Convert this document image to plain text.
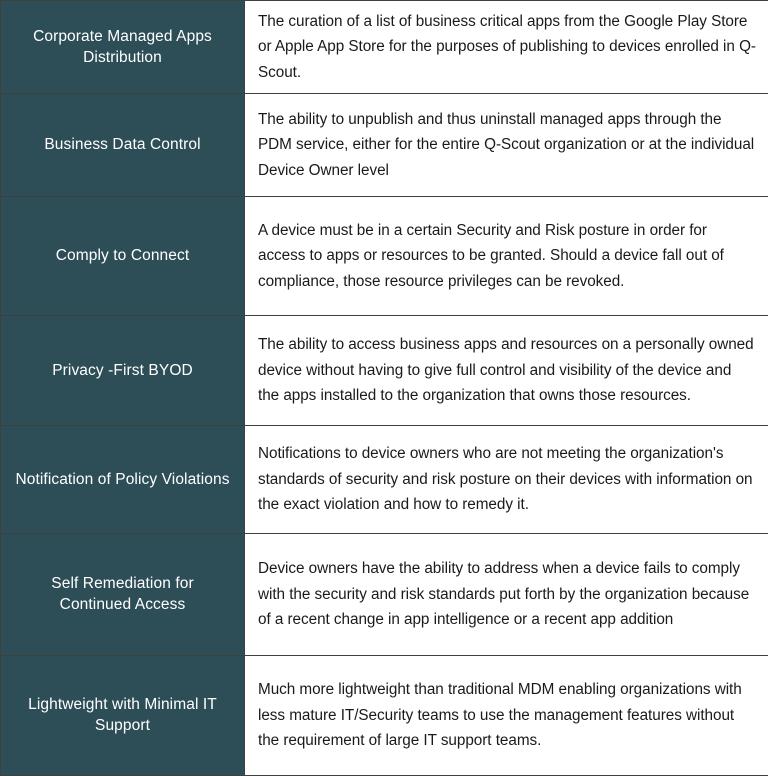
Corporate Managed Apps Distribution	The curation of a list of business critical apps from the Google Play Store or Apple App Store for the purposes of publishing to devices enrolled in Q-Scout.
Business Data Control	The ability to unpublish and thus uninstall managed apps through the PDM service, either for the entire Q-Scout organization or at the individual Device Owner level
Comply to Connect	A device must be in a certain Security and Risk posture in order for access to apps or resources to be granted. Should a device fall out of compliance, those resource privileges can be revoked.
Privacy -First BYOD	The ability to access business apps and resources on a personally owned device without having to give full control and visibility of the device and the apps installed to the organization that owns those resources.
Notification of Policy Violations	Notifications to device owners who are not meeting the organization's standards of security and risk posture on their devices with information on the exact violation and how to remedy it.
Self Remediation for Continued Access	Device owners have the ability to address when a device fails to comply with the security and risk standards put forth by the organization because of a recent change in app intelligence or a recent app addition
Lightweight with Minimal IT Support	Much more lightweight than traditional MDM enabling organizations with less mature IT/Security teams to use the management features without the requirement of large IT support teams.
